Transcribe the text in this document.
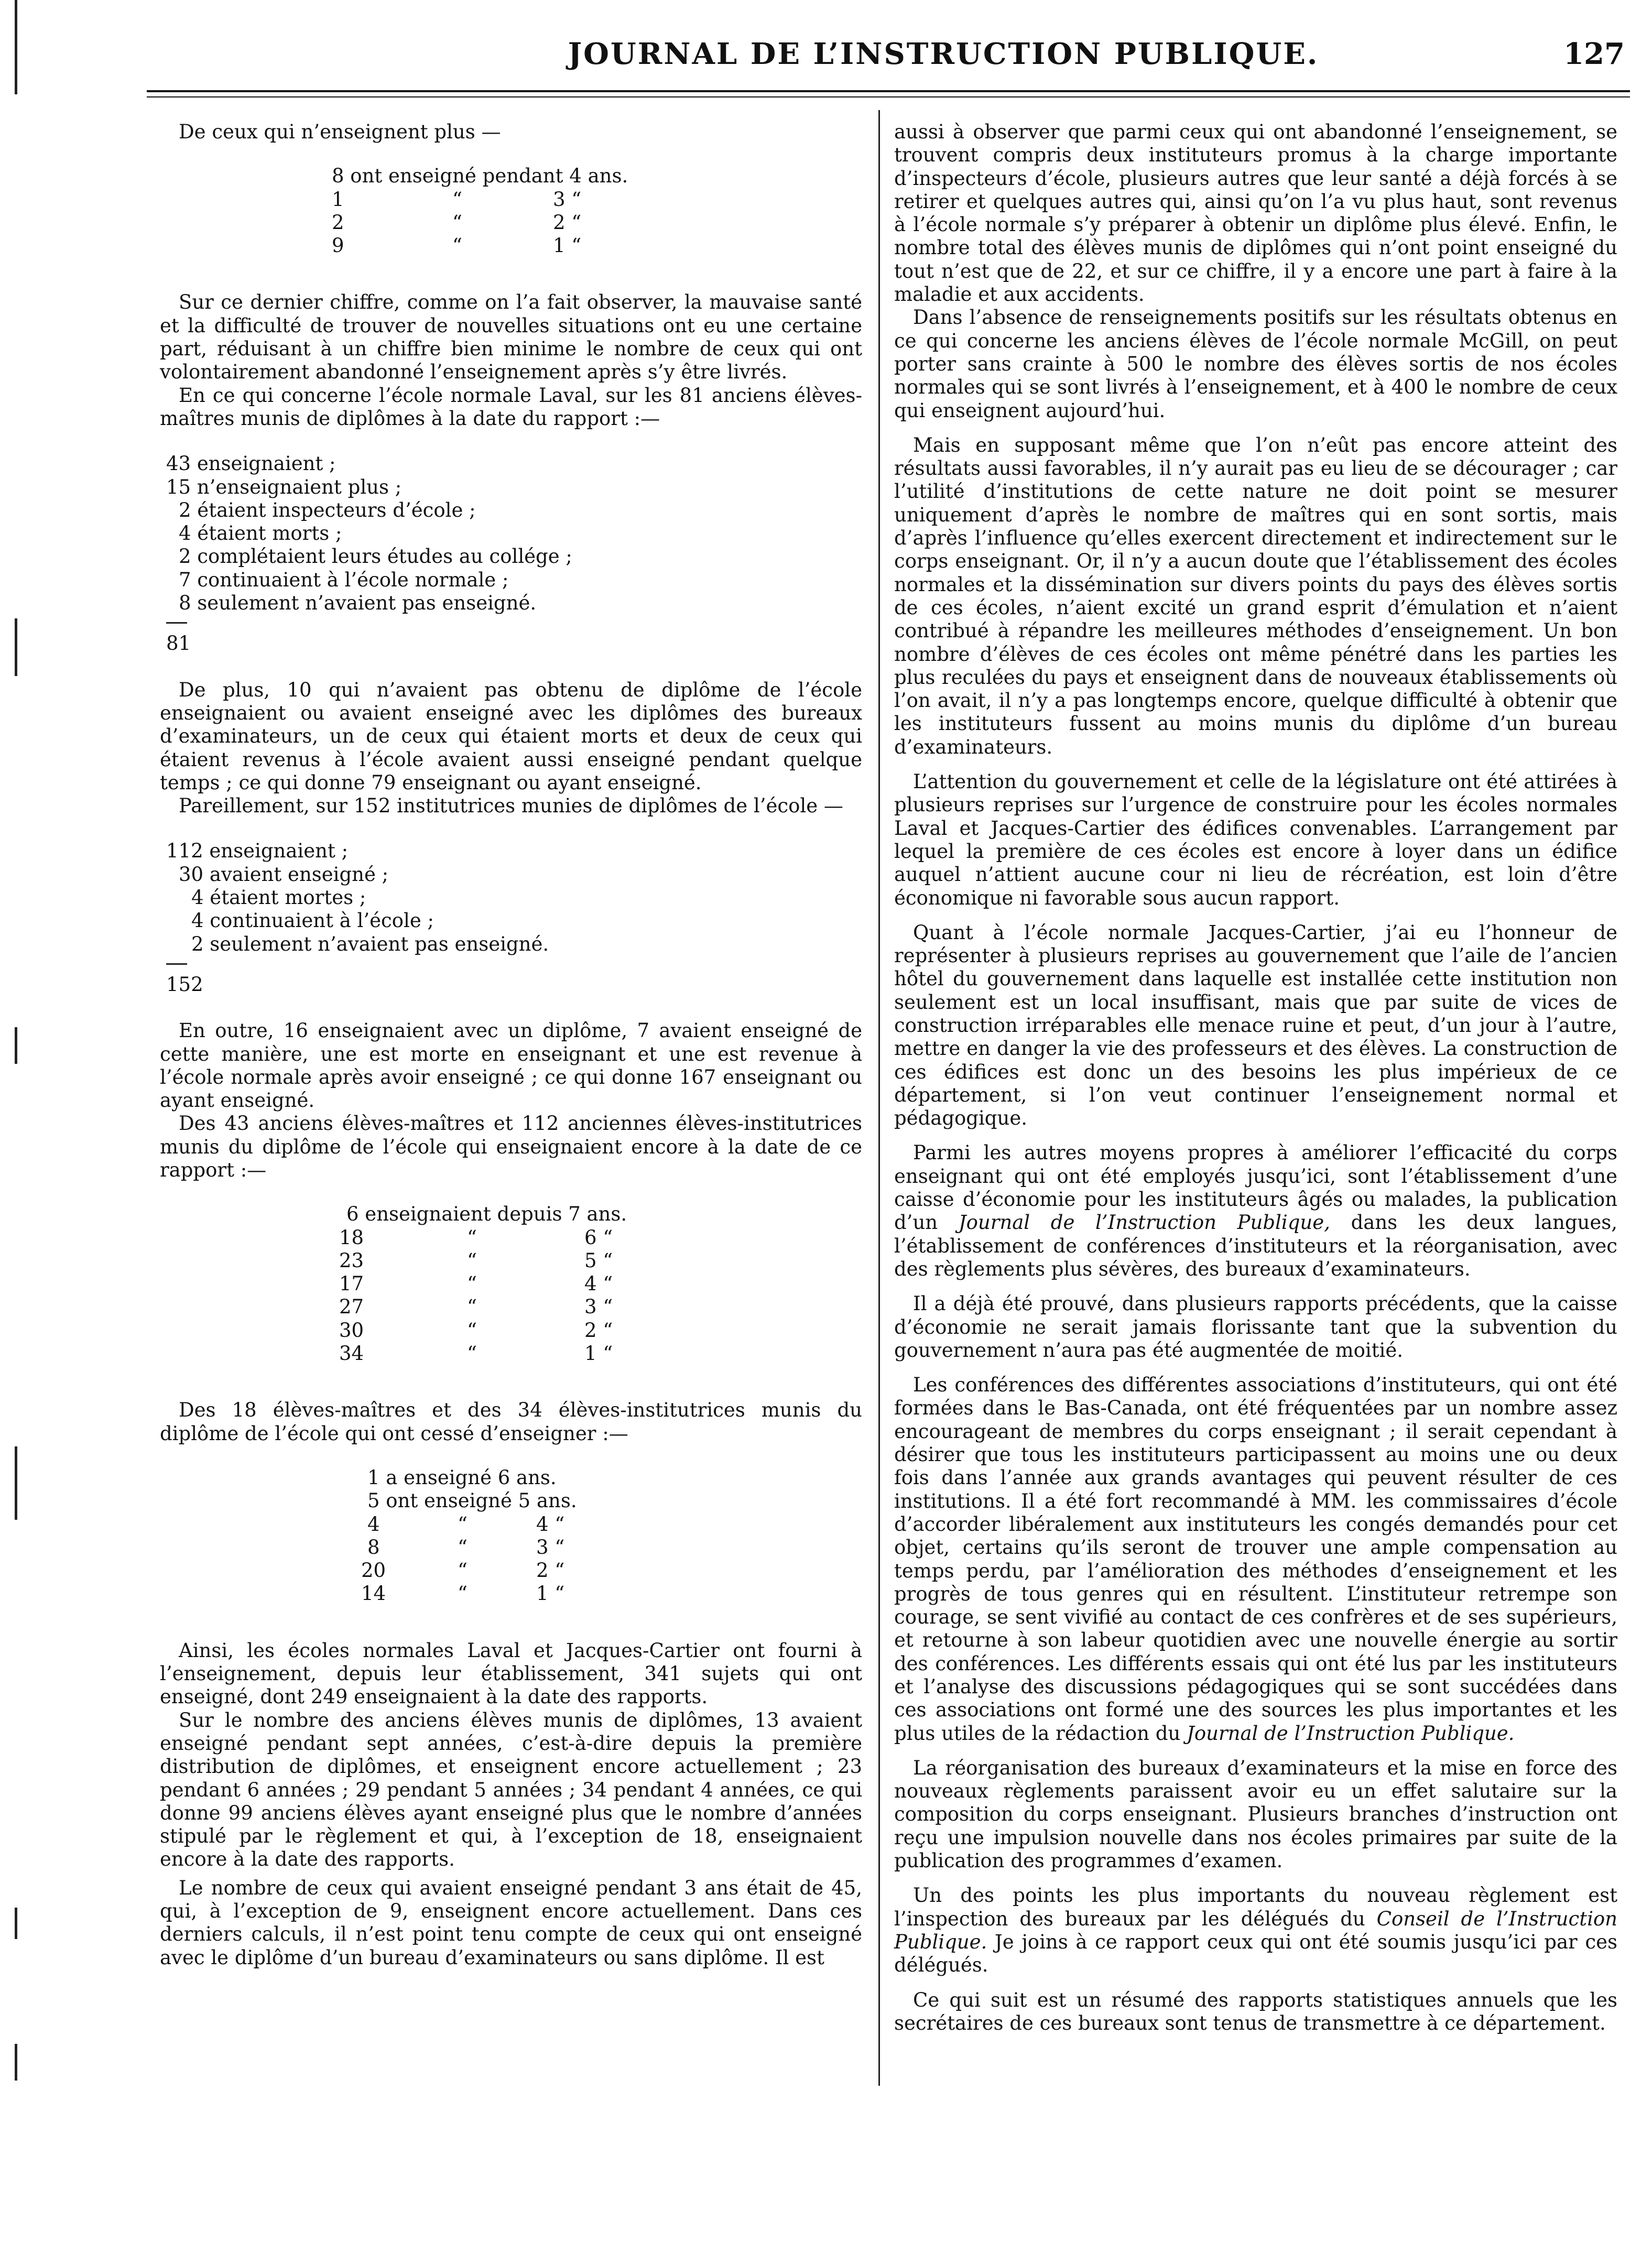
JOURNAL DE L’INSTRUCTION PUBLIQUE.	127

De ceux qui n’enseignent plus —

8 ont enseigné pendant 4 ans.
1	“	3 “
2	“	2 “
9	“	1 “

Sur ce dernier chiffre, comme on l’a fait observer, la mauvaise santé et la difficulté de trouver de nouvelles situations ont eu une certaine part, réduisant à un chiffre bien minime le nombre de ceux qui ont volontairement abandonné l’enseignement après s’y être livrés.

En ce qui concerne l’école normale Laval, sur les 81 anciens élèves-maîtres munis de diplômes à la date du rapport :—

43 enseignaient ;
15 n’enseignaient plus ;
2 étaient inspecteurs d’école ;
4 étaient morts ;
2 complétaient leurs études au collége ;
7 continuaient à l’école normale ;
8 seulement n’avaient pas enseigné.
81

De plus, 10 qui n’avaient pas obtenu de diplôme de l’école enseignaient ou avaient enseigné avec les diplômes des bureaux d’examinateurs, un de ceux qui étaient morts et deux de ceux qui étaient revenus à l’école avaient aussi enseigné pendant quelque temps ; ce qui donne 79 enseignant ou ayant enseigné.

Pareillement, sur 152 institutrices munies de diplômes de l’école —

112 enseignaient ;
30 avaient enseigné ;
4 étaient mortes ;
4 continuaient à l’école ;
2 seulement n’avaient pas enseigné.
152

En outre, 16 enseignaient avec un diplôme, 7 avaient enseigné de cette manière, une est morte en enseignant et une est revenue à l’école normale après avoir enseigné ; ce qui donne 167 enseignant ou ayant enseigné.

Des 43 anciens élèves-maîtres et 112 anciennes élèves-institutrices munis du diplôme de l’école qui enseignaient encore à la date de ce rapport :—

6 enseignaient depuis 7 ans.
18	“	6 “
23	“	5 “
17	“	4 “
27	“	3 “
30	“	2 “
34	“	1 “

Des 18 élèves-maîtres et des 34 élèves-institutrices munis du diplôme de l’école qui ont cessé d’enseigner :—

1 a enseigné 6 ans.
5 ont enseigné 5 ans.
4	“	4 “
8	“	3 “
20	“	2 “
14	“	1 “

Ainsi, les écoles normales Laval et Jacques-Cartier ont fourni à l’enseignement, depuis leur établissement, 341 sujets qui ont enseigné, dont 249 enseignaient à la date des rapports.

Sur le nombre des anciens élèves munis de diplômes, 13 avaient enseigné pendant sept années, c’est-à-dire depuis la première distribution de diplômes, et enseignent encore actuellement ; 23 pendant 6 années ; 29 pendant 5 années ; 34 pendant 4 années, ce qui donne 99 anciens élèves ayant enseigné plus que le nombre d’années stipulé par le règlement et qui, à l’exception de 18, enseignaient encore à la date des rapports.

Le nombre de ceux qui avaient enseigné pendant 3 ans était de 45, qui, à l’exception de 9, enseignent encore actuellement. Dans ces derniers calculs, il n’est point tenu compte de ceux qui ont enseigné avec le diplôme d’un bureau d’examinateurs ou sans diplôme. Il est

aussi à observer que parmi ceux qui ont abandonné l’enseignement, se trouvent compris deux instituteurs promus à la charge importante d’inspecteurs d’école, plusieurs autres que leur santé a déjà forcés à se retirer et quelques autres qui, ainsi qu’on l’a vu plus haut, sont revenus à l’école normale s’y préparer à obtenir un diplôme plus élevé. Enfin, le nombre total des élèves munis de diplômes qui n’ont point enseigné du tout n’est que de 22, et sur ce chiffre, il y a encore une part à faire à la maladie et aux accidents.

Dans l’absence de renseignements positifs sur les résultats obtenus en ce qui concerne les anciens élèves de l’école normale McGill, on peut porter sans crainte à 500 le nombre des élèves sortis de nos écoles normales qui se sont livrés à l’enseignement, et à 400 le nombre de ceux qui enseignent aujourd’hui.

Mais en supposant même que l’on n’eût pas encore atteint des résultats aussi favorables, il n’y aurait pas eu lieu de se décourager ; car l’utilité d’institutions de cette nature ne doit point se mesurer uniquement d’après le nombre de maîtres qui en sont sortis, mais d’après l’influence qu’elles exercent directement et indirectement sur le corps enseignant. Or, il n’y a aucun doute que l’établissement des écoles normales et la dissémination sur divers points du pays des élèves sortis de ces écoles, n’aient excité un grand esprit d’émulation et n’aient contribué à répandre les meilleures méthodes d’enseignement. Un bon nombre d’élèves de ces écoles ont même pénétré dans les parties les plus reculées du pays et enseignent dans de nouveaux établissements où l’on avait, il n’y a pas longtemps encore, quelque difficulté à obtenir que les instituteurs fussent au moins munis du diplôme d’un bureau d’examinateurs.

L’attention du gouvernement et celle de la législature ont été attirées à plusieurs reprises sur l’urgence de construire pour les écoles normales Laval et Jacques-Cartier des édifices convenables. L’arrangement par lequel la première de ces écoles est encore à loyer dans un édifice auquel n’attient aucune cour ni lieu de récréation, est loin d’être économique ni favorable sous aucun rapport.

Quant à l’école normale Jacques-Cartier, j’ai eu l’honneur de représenter à plusieurs reprises au gouvernement que l’aile de l’ancien hôtel du gouvernement dans laquelle est installée cette institution non seulement est un local insuffisant, mais que par suite de vices de construction irréparables elle menace ruine et peut, d’un jour à l’autre, mettre en danger la vie des professeurs et des élèves. La construction de ces édifices est donc un des besoins les plus impérieux de ce département, si l’on veut continuer l’enseignement normal et pédagogique.

Parmi les autres moyens propres à améliorer l’efficacité du corps enseignant qui ont été employés jusqu’ici, sont l’établissement d’une caisse d’économie pour les instituteurs âgés ou malades, la publication d’un Journal de l’Instruction Publique, dans les deux langues, l’établissement de conférences d’instituteurs et la réorganisation, avec des règlements plus sévères, des bureaux d’examinateurs.

Il a déjà été prouvé, dans plusieurs rapports précédents, que la caisse d’économie ne serait jamais florissante tant que la subvention du gouvernement n’aura pas été augmentée de moitié.

Les conférences des différentes associations d’instituteurs, qui ont été formées dans le Bas-Canada, ont été fréquentées par un nombre assez encourageant de membres du corps enseignant ; il serait cependant à désirer que tous les instituteurs participassent au moins une ou deux fois dans l’année aux grands avantages qui peuvent résulter de ces institutions. Il a été fort recommandé à MM. les commissaires d’école d’accorder libéralement aux instituteurs les congés demandés pour cet objet, certains qu’ils seront de trouver une ample compensation au temps perdu, par l’amélioration des méthodes d’enseignement et les progrès de tous genres qui en résultent. L’instituteur retrempe son courage, se sent vivifié au contact de ces confrères et de ses supérieurs, et retourne à son labeur quotidien avec une nouvelle énergie au sortir des conférences. Les différents essais qui ont été lus par les instituteurs et l’analyse des discussions pédagogiques qui se sont succédées dans ces associations ont formé une des sources les plus importantes et les plus utiles de la rédaction du Journal de l’Instruction Publique.

La réorganisation des bureaux d’examinateurs et la mise en force des nouveaux règlements paraissent avoir eu un effet salutaire sur la composition du corps enseignant. Plusieurs branches d’instruction ont reçu une impulsion nouvelle dans nos écoles primaires par suite de la publication des programmes d’examen.

Un des points les plus importants du nouveau règlement est l’inspection des bureaux par les délégués du Conseil de l’Instruction Publique. Je joins à ce rapport ceux qui ont été soumis jusqu’ici par ces délégués.

Ce qui suit est un résumé des rapports statistiques annuels que les secrétaires de ces bureaux sont tenus de transmettre à ce département.
